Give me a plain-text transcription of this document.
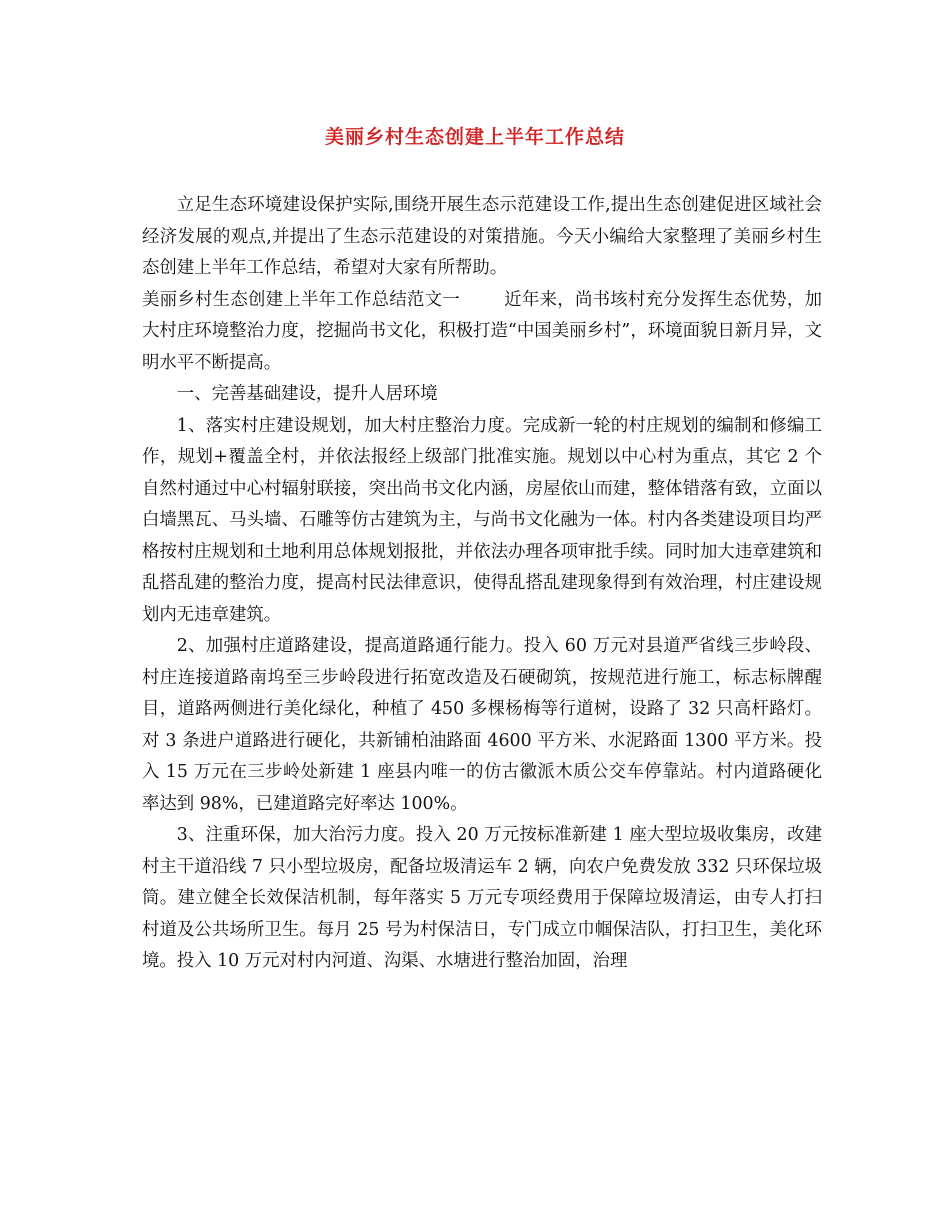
美丽乡村生态创建上半年工作总结

立足生态环境建设保护实际,围绕开展生态示范建设工作,提出生态创建促进区域社会经济发展的观点,并提出了生态示范建设的对策措施。今天小编给大家整理了美丽乡村生态创建上半年工作总结，希望对大家有所帮助。

美丽乡村生态创建上半年工作总结范文一	近年来，尚书垓村充分发挥生态优势，加大村庄环境整治力度，挖掘尚书文化，积极打造“中国美丽乡村”，环境面貌日新月异，文明水平不断提高。

一、完善基础建设，提升人居环境

1、落实村庄建设规划，加大村庄整治力度。完成新一轮的村庄规划的编制和修编工作，规划+覆盖全村，并依法报经上级部门批准实施。规划以中心村为重点，其它 2 个自然村通过中心村辐射联接，突出尚书文化内涵，房屋依山而建，整体错落有致，立面以白墙黑瓦、马头墙、石雕等仿古建筑为主，与尚书文化融为一体。村内各类建设项目均严格按村庄规划和土地利用总体规划报批，并依法办理各项审批手续。同时加大违章建筑和乱搭乱建的整治力度，提高村民法律意识，使得乱搭乱建现象得到有效治理，村庄建设规划内无违章建筑。

2、加强村庄道路建设，提高道路通行能力。投入 60 万元对县道严省线三步岭段、村庄连接道路南坞至三步岭段进行拓宽改造及石硬砌筑，按规范进行施工，标志标牌醒目，道路两侧进行美化绿化，种植了 450 多棵杨梅等行道树，设路了 32 只高杆路灯。对 3 条进户道路进行硬化，共新铺柏油路面 4600 平方米、水泥路面 1300 平方米。投入 15 万元在三步岭处新建 1 座县内唯一的仿古徽派木质公交车停靠站。村内道路硬化率达到 98%，已建道路完好率达 100%。

3、注重环保，加大治污力度。投入 20 万元按标准新建 1 座大型垃圾收集房，改建村主干道沿线 7 只小型垃圾房，配备垃圾清运车 2 辆，向农户免费发放 332 只环保垃圾筒。建立健全长效保洁机制，每年落实 5 万元专项经费用于保障垃圾清运，由专人打扫村道及公共场所卫生。每月 25 号为村保洁日，专门成立巾帼保洁队，打扫卫生，美化环境。投入 10 万元对村内河道、沟渠、水塘进行整治加固，治理
